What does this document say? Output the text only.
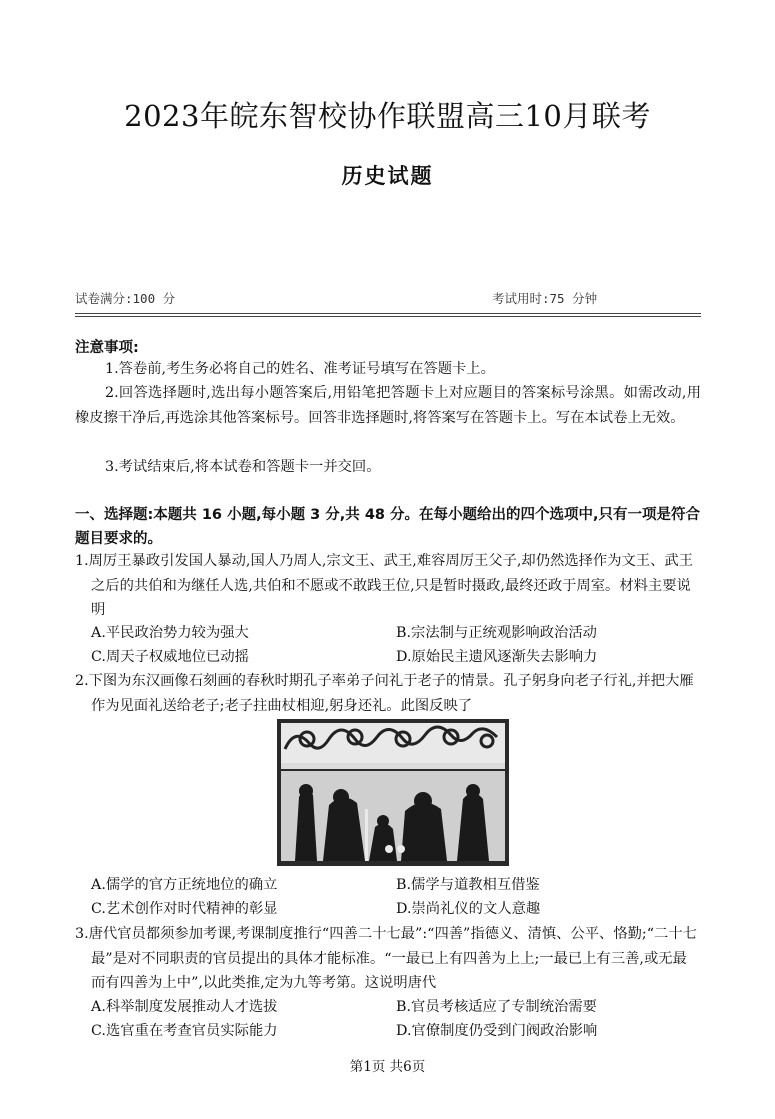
2023年皖东智校协作联盟高三10月联考
历史试题
试卷满分:100 分	考试用时:75 分钟
注意事项:
1.答卷前,考生务必将自己的姓名、准考证号填写在答题卡上。
2.回答选择题时,选出每小题答案后,用铅笔把答题卡上对应题目的答案标号涂黑。如需改动,用橡皮擦干净后,再选涂其他答案标号。回答非选择题时,将答案写在答题卡上。写在本试卷上无效。
3.考试结束后,将本试卷和答题卡一并交回。
一、选择题:本题共 16 小题,每小题 3 分,共 48 分。在每小题给出的四个选项中,只有一项是符合题目要求的。
1.周厉王暴政引发国人暴动,国人乃周人,宗文王、武王,难容周厉王父子,却仍然选择作为文王、武王之后的共伯和为继任人选,共伯和不愿或不敢践王位,只是暂时摄政,最终还政于周室。材料主要说明
A.平民政治势力较为强大	B.宗法制与正统观影响政治活动
C.周天子权威地位已动摇	D.原始民主遗风逐渐失去影响力
2.下图为东汉画像石刻画的春秋时期孔子率弟子问礼于老子的情景。孔子躬身向老子行礼,并把大雁作为见面礼送给老子;老子拄曲杖相迎,躬身还礼。此图反映了
A.儒学的官方正统地位的确立	B.儒学与道教相互借鉴
C.艺术创作对时代精神的彰显	D.崇尚礼仪的文人意趣
3.唐代官员都须参加考课,考课制度推行“四善二十七最”:“四善”指德义、清慎、公平、恪勤;“二十七最”是对不同职责的官员提出的具体才能标准。“一最已上有四善为上上;一最已上有三善,或无最而有四善为上中”,以此类推,定为九等考第。这说明唐代
A.科举制度发展推动人才选拔	B.官员考核适应了专制统治需要
C.选官重在考查官员实际能力	D.官僚制度仍受到门阀政治影响
第1页 共6页
